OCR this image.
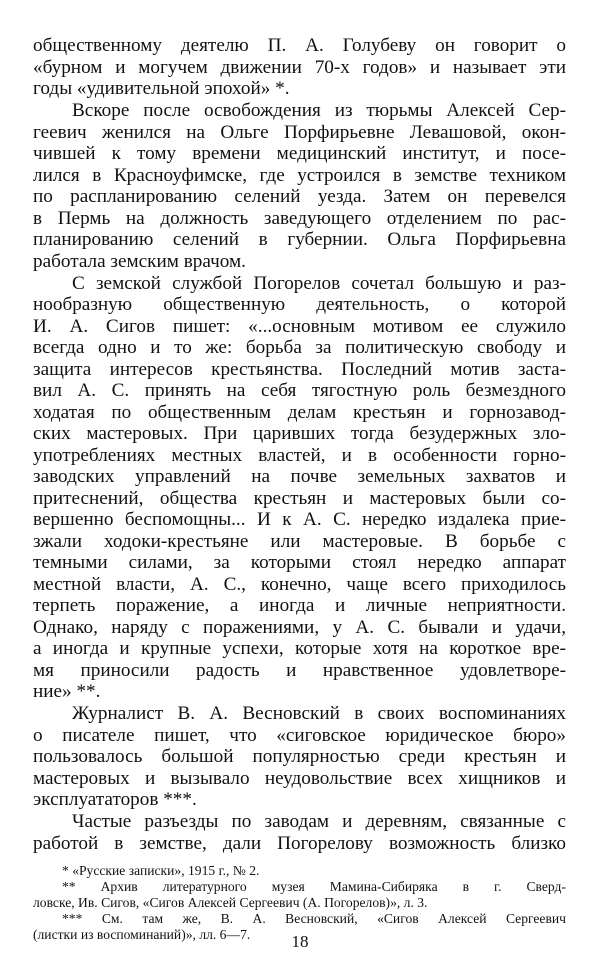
общественному деятелю П. А. Голубеву он говорит о
«бурном и могучем движении 70-х годов» и называет эти
годы «удивительной эпохой» *.
Вскоре после освобождения из тюрьмы Алексей Сер-
геевич женился на Ольге Порфирьевне Левашовой, окон-
чившей к тому времени медицинский институт, и посе-
лился в Красноуфимске, где устроился в земстве техником
по распланированию селений уезда. Затем он перевелся
в Пермь на должность заведующего отделением по рас-
планированию селений в губернии. Ольга Порфирьевна
работала земским врачом.
С земской службой Погорелов сочетал большую и раз-
нообразную общественную деятельность, о которой
И. А. Сигов пишет: «...основным мотивом ее служило
всегда одно и то же: борьба за политическую свободу и
защита интересов крестьянства. Последний мотив заста-
вил А. С. принять на себя тягостную роль безмездного
ходатая по общественным делам крестьян и горнозавод-
ских мастеровых. При царивших тогда безудержных зло-
употреблениях местных властей, и в особенности горно-
заводских управлений на почве земельных захватов и
притеснений, общества крестьян и мастеровых были со-
вершенно беспомощны... И к А. С. нередко издалека прие-
зжали ходоки-крестьяне или мастеровые. В борьбе с
темными силами, за которыми стоял нередко аппарат
местной власти, А. С., конечно, чаще всего приходилось
терпеть поражение, а иногда и личные неприятности.
Однако, наряду с поражениями, у А. С. бывали и удачи,
а иногда и крупные успехи, которые хотя на короткое вре-
мя приносили радость и нравственное удовлетворе-
ние» **.
Журналист В. А. Весновский в своих воспоминаниях
о писателе пишет, что «сиговское юридическое бюро»
пользовалось большой популярностью среди крестьян и
мастеровых и вызывало неудовольствие всех хищников и
эксплуататоров ***.
Частые разъезды по заводам и деревням, связанные с
работой в земстве, дали Погорелову возможность близко
* «Русские записки», 1915 г., № 2.
** Архив литературного музея Мамина-Сибиряка в г. Сверд-
ловске, Ив. Сигов, «Сигов Алексей Сергеевич (А. Погорелов)», л. 3.
*** См. там же, В. А. Весновский, «Сигов Алексей Сергеевич
(листки из воспоминаний)», лл. 6—7.	18
